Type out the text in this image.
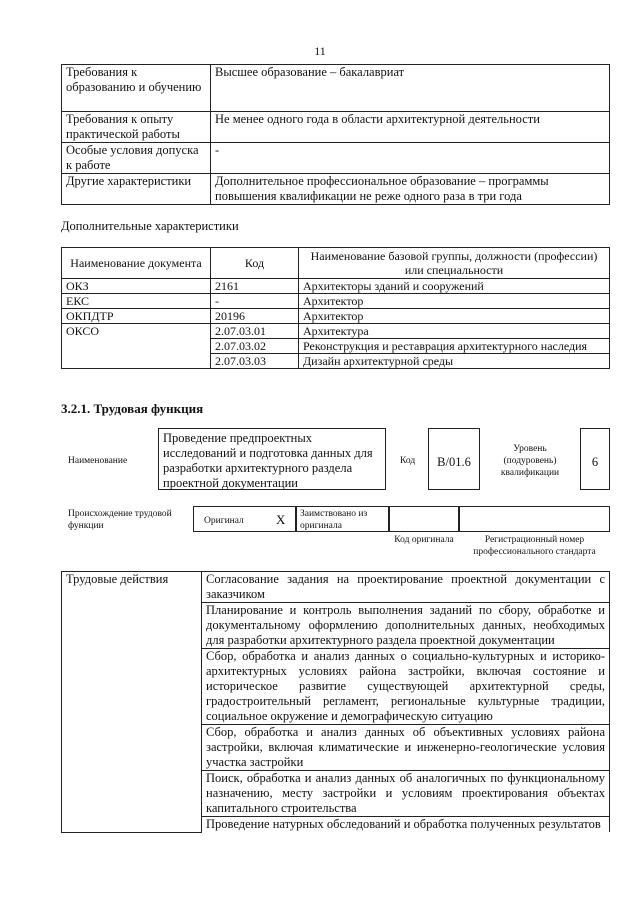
11
Требования к образованию и обучению	Высшее образование – бакалавриат
Требования к опыту практической работы	Не менее одного года в области архитектурной деятельности
Особые условия допуска к работе	-
Другие характеристики	Дополнительное профессиональное образование – программы повышения квалификации не реже одного раза в три года
Дополнительные характеристики
Наименование документа	Код	Наименование базовой группы, должности (профессии) или специальности
ОКЗ	2161	Архитекторы зданий и сооружений
ЕКС	-	Архитектор
ОКПДТР	20196	Архитектор
ОКСО	2.07.03.01	Архитектура
	2.07.03.02	Реконструкция и реставрация архитектурного наследия
	2.07.03.03	Дизайн архитектурной среды
3.2.1. Трудовая функция
Наименование
Проведение предпроектных исследований и подготовка данных для разработки архитектурного раздела проектной документации
Код	B/01.6
Уровень (подуровень) квалификации
6
Происхождение трудовой функции	Оригинал X Заимствовано из оригинала
Код оригинала	Регистрационный номер профессионального стандарта
Трудовые действия	Согласование задания на проектирование проектной документации с заказчиком
Планирование и контроль выполнения заданий по сбору, обработке и документальному оформлению дополнительных данных, необходимых для разработки архитектурного раздела проектной документации
Сбор, обработка и анализ данных о социально-культурных и историко-архитектурных условиях района застройки, включая состояние и историческое развитие существующей архитектурной среды, градостроительный регламент, региональные культурные традиции, социальное окружение и демографическую ситуацию
Сбор, обработка и анализ данных об объективных условиях района застройки, включая климатические и инженерно-геологические условия участка застройки
Поиск, обработка и анализ данных об аналогичных по функциональному назначению, месту застройки и условиям проектирования объектах капитального строительства
Проведение натурных обследований и обработка полученных результатов
